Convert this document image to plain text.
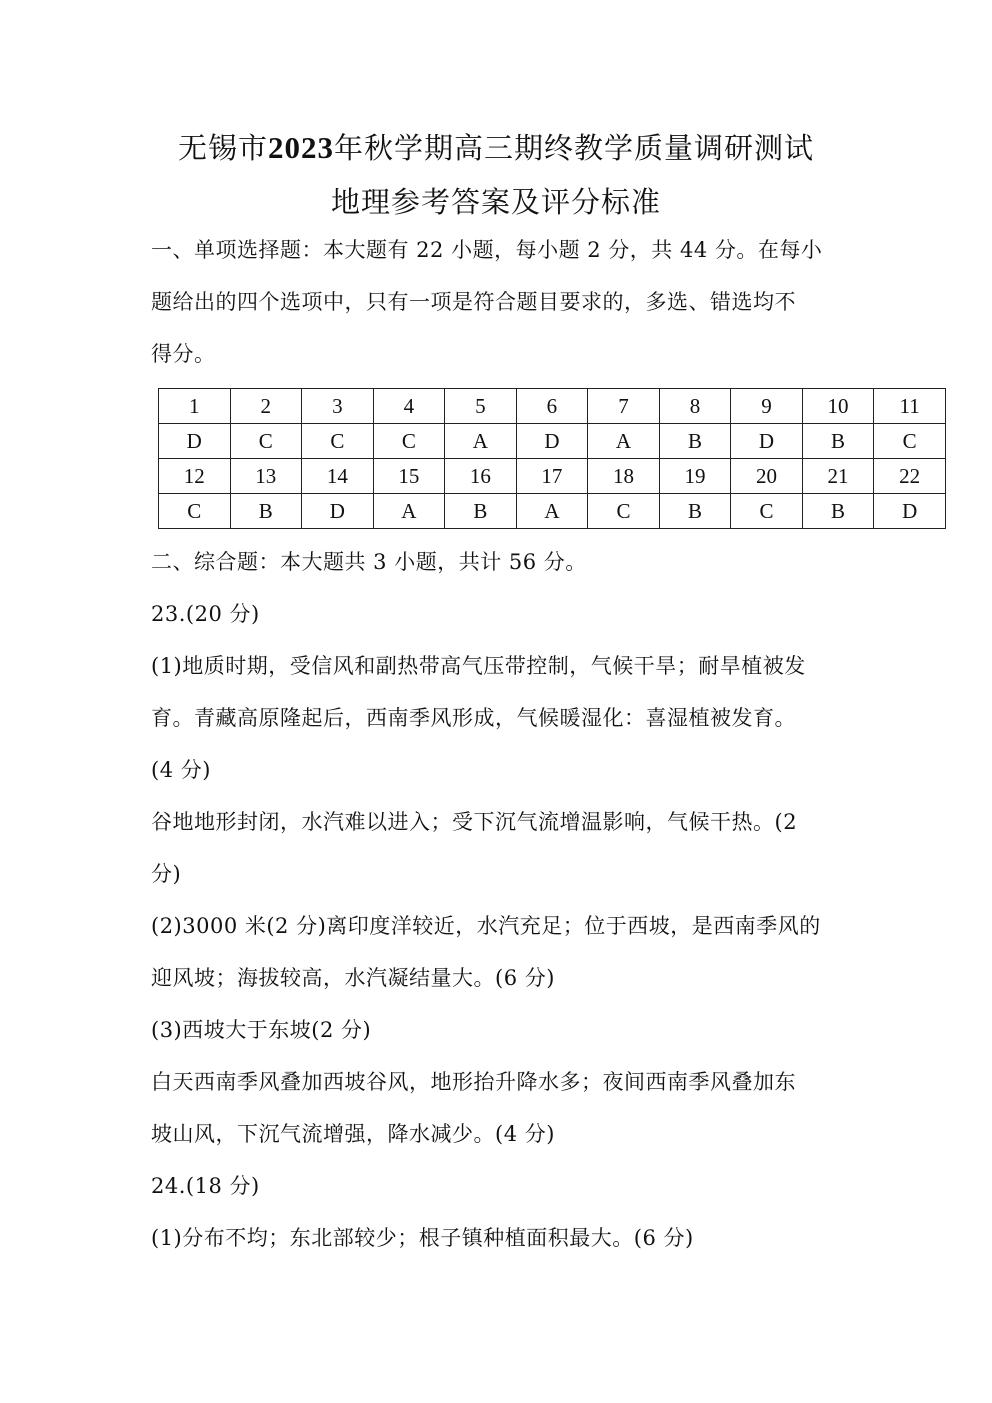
无锡市2023年秋学期高三期终教学质量调研测试
地理参考答案及评分标准
一、单项选择题：本大题有 22 小题，每小题 2 分，共 44 分。在每小
题给出的四个选项中，只有一项是符合题目要求的，多选、错选均不
得分。
1	2	3	4	5	6	7	8	9	10	11
D	C	C	C	A	D	A	B	D	B	C
12	13	14	15	16	17	18	19	20	21	22
C	B	D	A	B	A	C	B	C	B	D
二、综合题：本大题共 3 小题，共计 56 分。
23.(20 分)
(1)地质时期，受信风和副热带高气压带控制，气候干旱；耐旱植被发
育。青藏高原隆起后，西南季风形成，气候暖湿化：喜湿植被发育。
(4 分)
谷地地形封闭，水汽难以进入；受下沉气流增温影响，气候干热。(2
分)
(2)3000 米(2 分)离印度洋较近，水汽充足；位于西坡，是西南季风的
迎风坡；海拔较高，水汽凝结量大。(6 分)
(3)西坡大于东坡(2 分)
白天西南季风叠加西坡谷风，地形抬升降水多；夜间西南季风叠加东
坡山风，下沉气流增强，降水减少。(4 分)
24.(18 分)
(1)分布不均；东北部较少；根子镇种植面积最大。(6 分)
